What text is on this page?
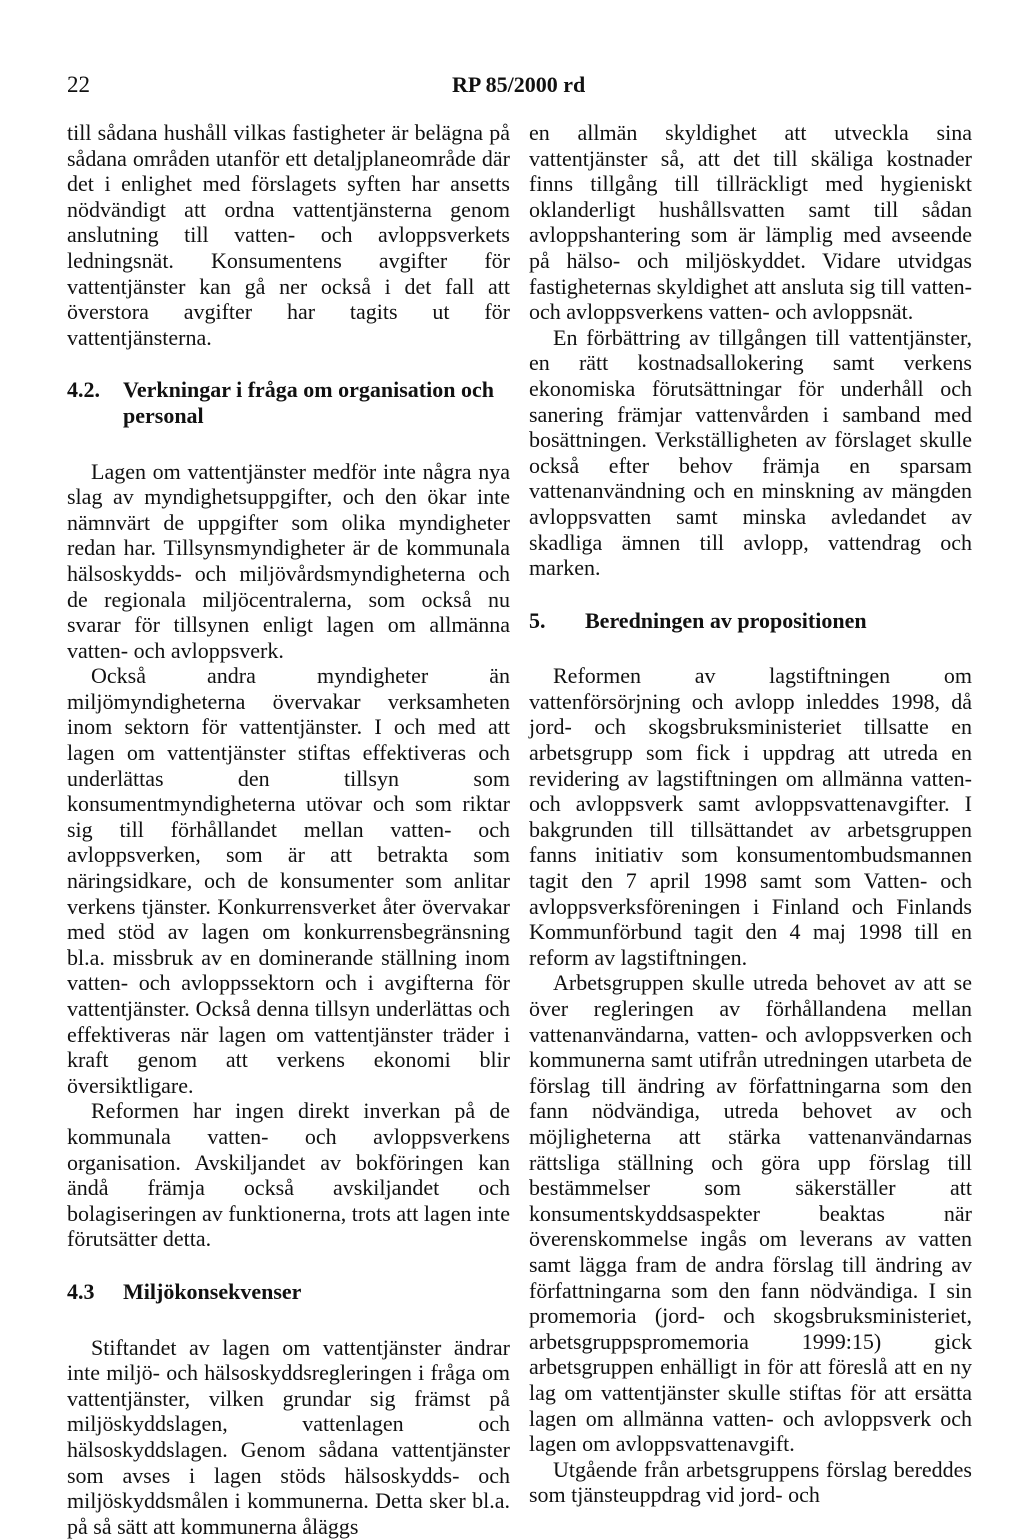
22	RP 85/2000 rd

till sådana hushåll vilkas fastigheter är belägna på sådana områden utanför ett detaljplaneområde där det i enlighet med förslagets syften har ansetts nödvändigt att ordna vattentjänsterna genom anslutning till vatten- och avloppsverkets ledningsnät. Konsumentens avgifter för vattentjänster kan gå ner också i det fall att överstora avgifter har tagits ut för vattentjänsterna.

4.2.	Verkningar i fråga om organisation och personal

Lagen om vattentjänster medför inte några nya slag av myndighetsuppgifter, och den ökar inte nämnvärt de uppgifter som olika myndigheter redan har. Tillsynsmyndigheter är de kommunala hälsoskydds- och miljövårdsmyndigheterna och de regionala miljöcentralerna, som också nu svarar för tillsynen enligt lagen om allmänna vatten- och avloppsverk.

Också andra myndigheter än miljömyndigheterna övervakar verksamheten inom sektorn för vattentjänster. I och med att lagen om vattentjänster stiftas effektiveras och underlättas den tillsyn som konsumentmyndigheterna utövar och som riktar sig till förhållandet mellan vatten- och avloppsverken, som är att betrakta som näringsidkare, och de konsumenter som anlitar verkens tjänster. Konkurrensverket åter övervakar med stöd av lagen om konkurrensbegränsning bl.a. missbruk av en dominerande ställning inom vatten- och avloppssektorn och i avgifterna för vattentjänster. Också denna tillsyn underlättas och effektiveras när lagen om vattentjänster träder i kraft genom att verkens ekonomi blir översiktligare.

Reformen har ingen direkt inverkan på de kommunala vatten- och avloppsverkens organisation. Avskiljandet av bokföringen kan ändå främja också avskiljandet och bolagiseringen av funktionerna, trots att lagen inte förutsätter detta.

4.3	Miljökonsekvenser

Stiftandet av lagen om vattentjänster ändrar inte miljö- och hälsoskyddsregleringen i fråga om vattentjänster, vilken grundar sig främst på miljöskyddslagen, vattenlagen och hälsoskyddslagen. Genom sådana vattentjänster som avses i lagen stöds hälsoskydds- och miljöskyddsmålen i kommunerna. Detta sker bl.a. på så sätt att kommunerna åläggs

en allmän skyldighet att utveckla sina vattentjänster så, att det till skäliga kostnader finns tillgång till tillräckligt med hygieniskt oklanderligt hushållsvatten samt till sådan avloppshantering som är lämplig med avseende på hälso- och miljöskyddet. Vidare utvidgas fastigheternas skyldighet att ansluta sig till vatten- och avloppsverkens vatten- och avloppsnät.

En förbättring av tillgången till vattentjänster, en rätt kostnadsallokering samt verkens ekonomiska förutsättningar för underhåll och sanering främjar vattenvården i samband med bosättningen. Verkställigheten av förslaget skulle också efter behov främja en sparsam vattenanvändning och en minskning av mängden avloppsvatten samt minska avledandet av skadliga ämnen till avlopp, vattendrag och marken.

5.	Beredningen av propositionen

Reformen av lagstiftningen om vattenförsörjning och avlopp inleddes 1998, då jord- och skogsbruksministeriet tillsatte en arbetsgrupp som fick i uppdrag att utreda en revidering av lagstiftningen om allmänna vatten- och avloppsverk samt avloppsvattenavgifter. I bakgrunden till tillsättandet av arbetsgruppen fanns initiativ som konsumentombudsmannen tagit den 7 april 1998 samt som Vatten- och avloppsverksföreningen i Finland och Finlands Kommunförbund tagit den 4 maj 1998 till en reform av lagstiftningen.

Arbetsgruppen skulle utreda behovet av att se över regleringen av förhållandena mellan vattenanvändarna, vatten- och avloppsverken och kommunerna samt utifrån utredningen utarbeta de förslag till ändring av författningarna som den fann nödvändiga, utreda behovet av och möjligheterna att stärka vattenanvändarnas rättsliga ställning och göra upp förslag till bestämmelser som säkerställer att konsumentskyddsaspekter beaktas när överenskommelse ingås om leverans av vatten samt lägga fram de andra förslag till ändring av författningarna som den fann nödvändiga. I sin promemoria (jord- och skogsbruksministeriet, arbetsgruppspromemoria 1999:15) gick arbetsgruppen enhälligt in för att föreslå att en ny lag om vattentjänster skulle stiftas för att ersätta lagen om allmänna vatten- och avloppsverk och lagen om avloppsvattenavgift.

Utgående från arbetsgruppens förslag bereddes som tjänsteuppdrag vid jord- och
